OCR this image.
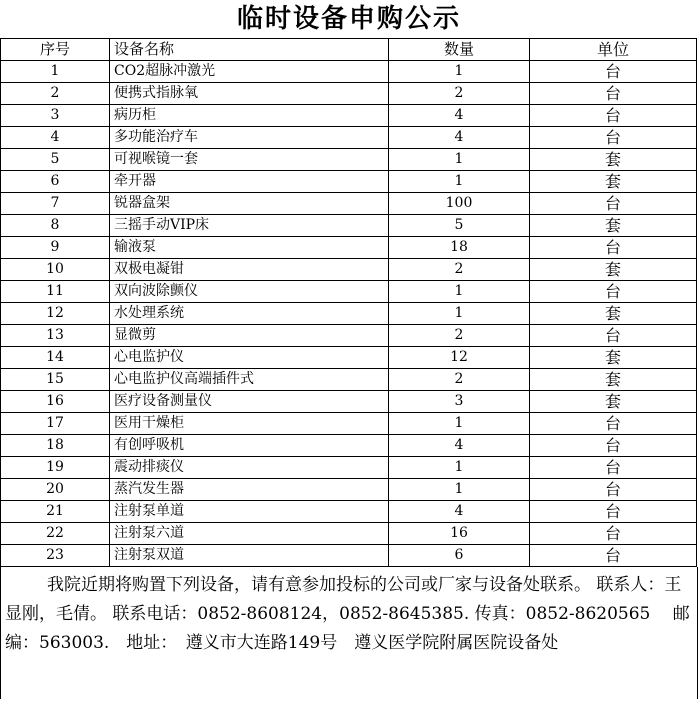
临时设备申购公示
序号	设备名称	数量	单位
1	CO2超脉冲激光	1	台
2	便携式指脉氧	2	台
3	病历柜	4	台
4	多功能治疗车	4	台
5	可视喉镜一套	1	套
6	牵开器	1	套
7	锐器盒架	100	台
8	三摇手动VIP床	5	套
9	输液泵	18	台
10	双极电凝钳	2	套
11	双向波除颤仪	1	台
12	水处理系统	1	套
13	显微剪	2	台
14	心电监护仪	12	套
15	心电监护仪高端插件式	2	套
16	医疗设备测量仪	3	套
17	医用干燥柜	1	台
18	有创呼吸机	4	台
19	震动排痰仪	1	台
20	蒸汽发生器	1	台
21	注射泵单道	4	台
22	注射泵六道	16	台
23	注射泵双道	6	台
我院近期将购置下列设备，请有意参加投标的公司或厂家与设备处联系。 联系人：王显刚，毛倩。 联系电话：0852-8608124，0852-8645385. 传真：0852-8620565　 邮编：563003.　地址：　遵义市大连路149号　遵义医学院附属医院设备处
